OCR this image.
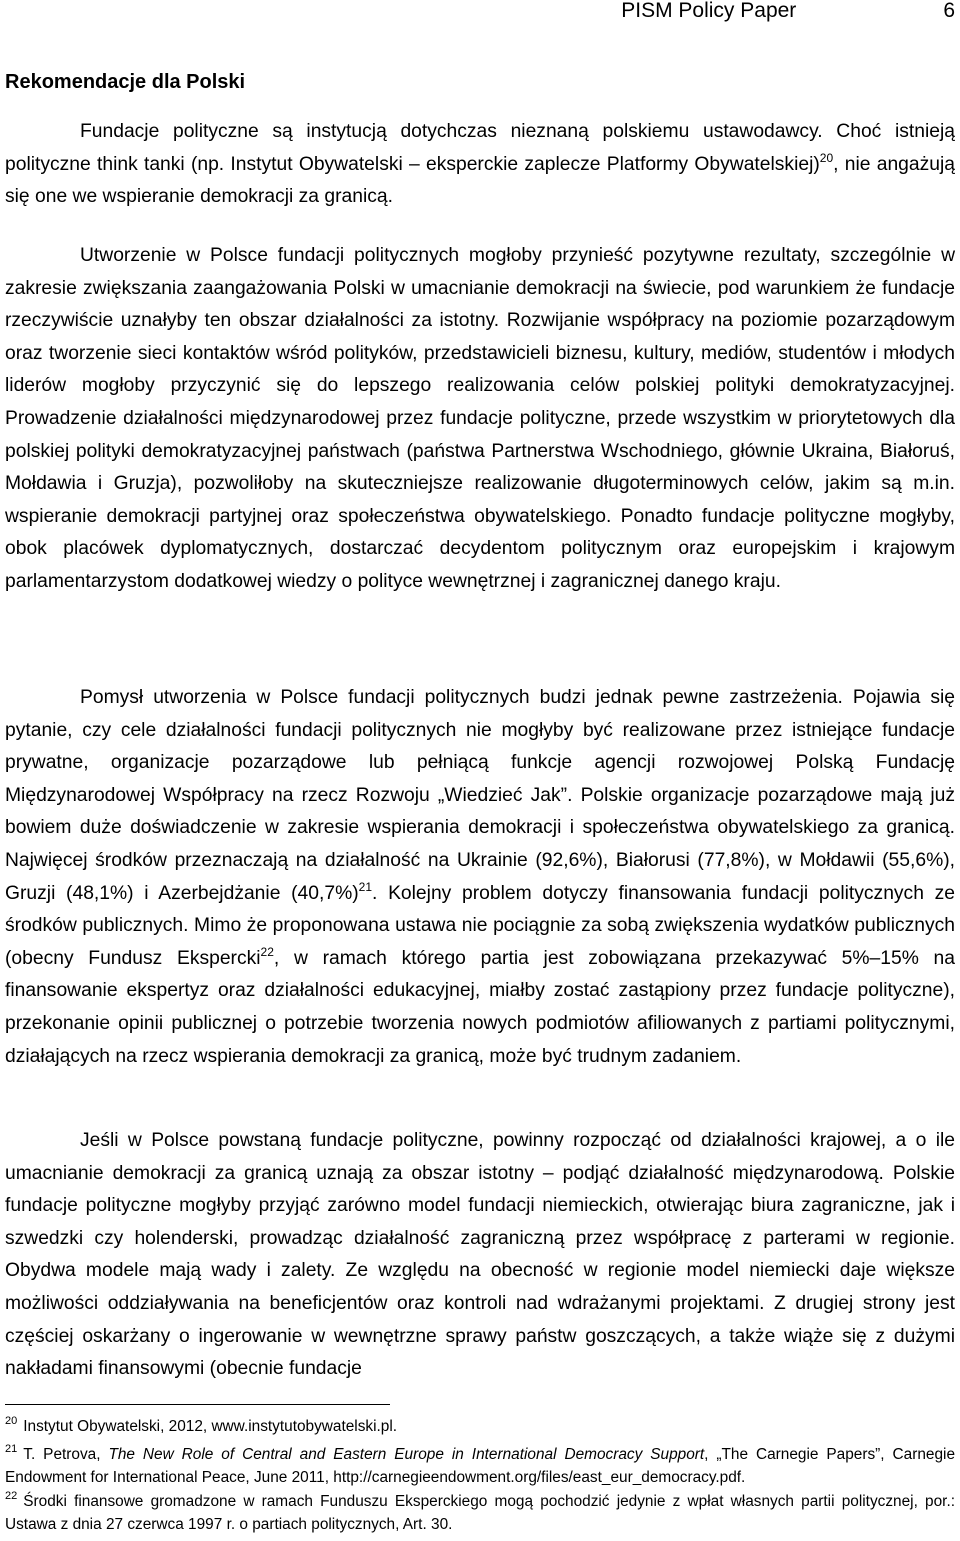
PISM Policy Paper	6
Rekomendacje dla Polski

Fundacje polityczne są instytucją dotychczas nieznaną polskiemu ustawodawcy. Choć istnieją polityczne think tanki (np. Instytut Obywatelski – eksperckie zaplecze Platformy Obywatelskiej)$^{20}$, nie angażują się one we wspieranie demokracji za granicą.

Utworzenie w Polsce fundacji politycznych mogłoby przynieść pozytywne rezultaty, szczególnie w zakresie zwiększania zaangażowania Polski w umacnianie demokracji na świecie, pod warunkiem że fundacje rzeczywiście uznałyby ten obszar działalności za istotny. Rozwijanie współpracy na poziomie pozarządowym oraz tworzenie sieci kontaktów wśród polityków, przedstawicieli biznesu, kultury, mediów, studentów i młodych liderów mogłoby przyczynić się do lepszego realizowania celów polskiej polityki demokratyzacyjnej. Prowadzenie działalności międzynarodowej przez fundacje polityczne, przede wszystkim w priorytetowych dla polskiej polityki demokratyzacyjnej państwach (państwa Partnerstwa Wschodniego, głównie Ukraina, Białoruś, Mołdawia i Gruzja), pozwoliłoby na skuteczniejsze realizowanie długoterminowych celów, jakim są m.in. wspieranie demokracji partyjnej oraz społeczeństwa obywatelskiego. Ponadto fundacje polityczne mogłyby, obok placówek dyplomatycznych, dostarczać decydentom politycznym oraz europejskim i krajowym parlamentarzystom dodatkowej wiedzy o polityce wewnętrznej i zagranicznej danego kraju.

Pomysł utworzenia w Polsce fundacji politycznych budzi jednak pewne zastrzeżenia. Pojawia się pytanie, czy cele działalności fundacji politycznych nie mogłyby być realizowane przez istniejące fundacje prywatne, organizacje pozarządowe lub pełniącą funkcje agencji rozwojowej Polską Fundację Międzynarodowej Współpracy na rzecz Rozwoju „Wiedzieć Jak”. Polskie organizacje pozarządowe mają już bowiem duże doświadczenie w zakresie wspierania demokracji i społeczeństwa obywatelskiego za granicą. Najwięcej środków przeznaczają na działalność na Ukrainie (92,6%), Białorusi (77,8%), w Mołdawii (55,6%), Gruzji (48,1%) i Azerbejdżanie $(40,7\%)^{21}$. Kolejny problem dotyczy finansowania fundacji politycznych ze środków publicznych. Mimo że proponowana ustawa nie pociągnie za sobą zwiększenia wydatków publicznych (obecny Fundusz Ekspercki$^{22}$, w ramach którego partia jest zobowiązana przekazywać 5%–15% na finansowanie ekspertyz oraz działalności edukacyjnej, miałby zostać zastąpiony przez fundacje polityczne), przekonanie opinii publicznej o potrzebie tworzenia nowych podmiotów afiliowanych z partiami politycznymi, działających na rzecz wspierania demokracji za granicą, może być trudnym zadaniem.

Jeśli w Polsce powstaną fundacje polityczne, powinny rozpocząć od działalności krajowej, a o ile umacnianie demokracji za granicą uznają za obszar istotny – podjąć działalność międzynarodową. Polskie fundacje polityczne mogłyby przyjąć zarówno model fundacji niemieckich, otwierając biura zagraniczne, jak i szwedzki czy holenderski, prowadząc działalność zagraniczną przez współpracę z parterami w regionie. Obydwa modele mają wady i zalety. Ze względu na obecność w regionie model niemiecki daje większe możliwości oddziaływania na beneficjentów oraz kontroli nad wdrażanymi projektami. Z drugiej strony jest częściej oskarżany o ingerowanie w wewnętrzne sprawy państw goszczących, a także wiąże się z dużymi nakładami finansowymi (obecnie fundacje

$^{20}$ Instytut Obywatelski, 2012, www.instytutobywatelski.pl.

$^{21}$ T. Petrova, The New Role of Central and Eastern Europe in International Democracy Support, „The Carnegie Papers”, Carnegie Endowment for International Peace, June 2011, http://carnegieendowment.org/files/east_eur_democracy.pdf.

$^{22}$ Środki finansowe gromadzone w ramach Funduszu Eksperckiego mogą pochodzić jedynie z wpłat własnych partii politycznej, por.: Ustawa z dnia 27 czerwca 1997 r. o partiach politycznych, Art. 30.
